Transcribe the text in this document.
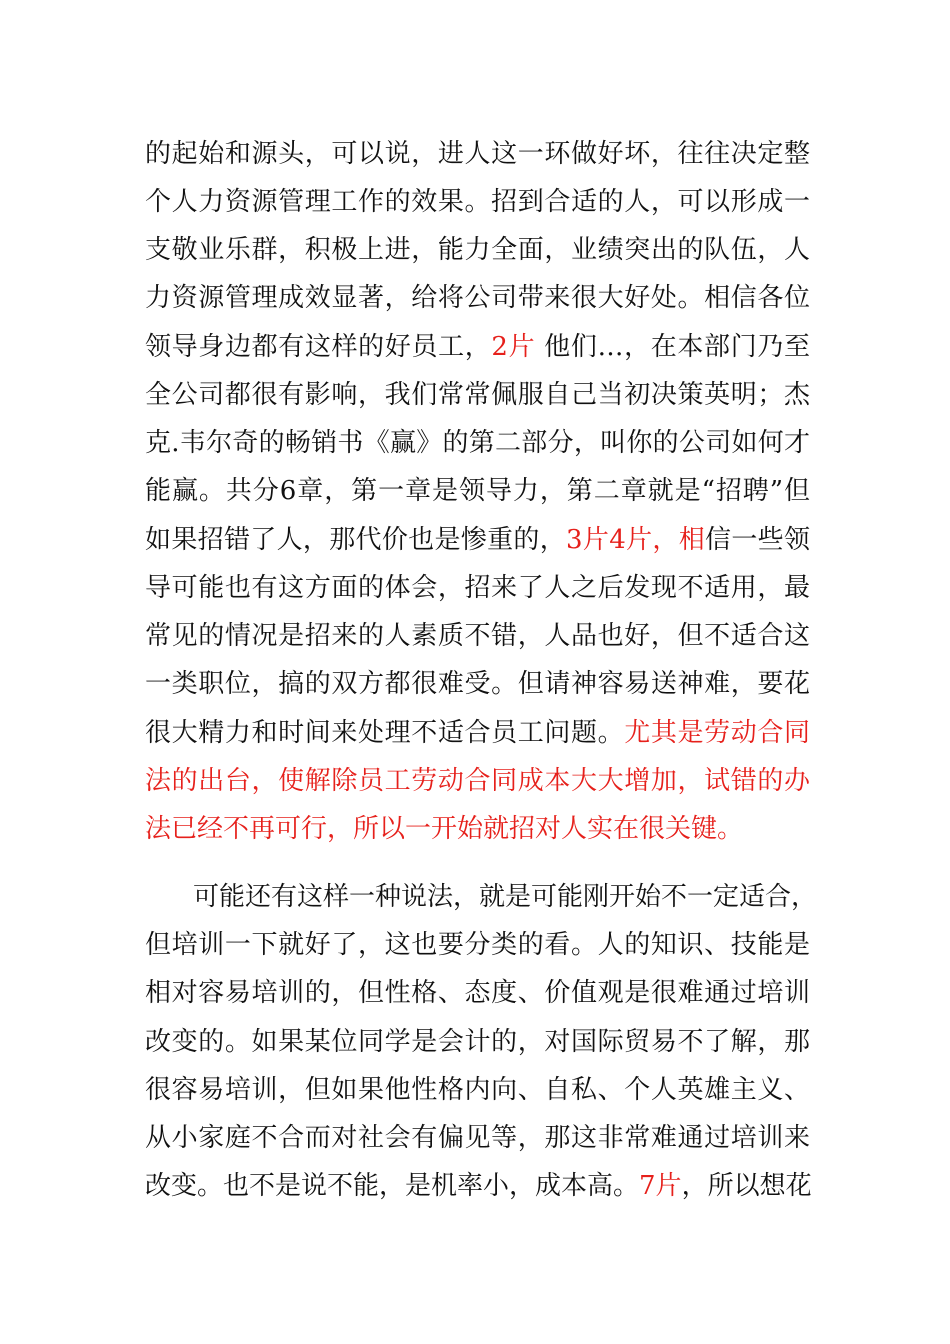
的起始和源头，可以说，进人这一环做好坏，往往决定整
个人力资源管理工作的效果。招到合适的人，可以形成一
支敬业乐群，积极上进，能力全面，业绩突出的队伍，人
力资源管理成效显著，给将公司带来很大好处。相信各位
领导身边都有这样的好员工，2片 他们…，在本部门乃至
全公司都很有影响，我们常常佩服自己当初决策英明；杰
克.韦尔奇的畅销书《赢》的第二部分，叫你的公司如何才
能赢。共分6章，第一章是领导力，第二章就是“招聘”但
如果招错了人，那代价也是惨重的，3片4片，相信一些领
导可能也有这方面的体会，招来了人之后发现不适用，最
常见的情况是招来的人素质不错，人品也好，但不适合这
一类职位，搞的双方都很难受。但请神容易送神难，要花
很大精力和时间来处理不适合员工问题。尤其是劳动合同
法的出台，使解除员工劳动合同成本大大增加，试错的办
法已经不再可行，所以一开始就招对人实在很关键。
可能还有这样一种说法，就是可能刚开始不一定适合，
但培训一下就好了，这也要分类的看。人的知识、技能是
相对容易培训的，但性格、态度、价值观是很难通过培训
改变的。如果某位同学是会计的，对国际贸易不了解，那
很容易培训，但如果他性格内向、自私、个人英雄主义、
从小家庭不合而对社会有偏见等，那这非常难通过培训来
改变。也不是说不能，是机率小，成本高。7片，所以想花
